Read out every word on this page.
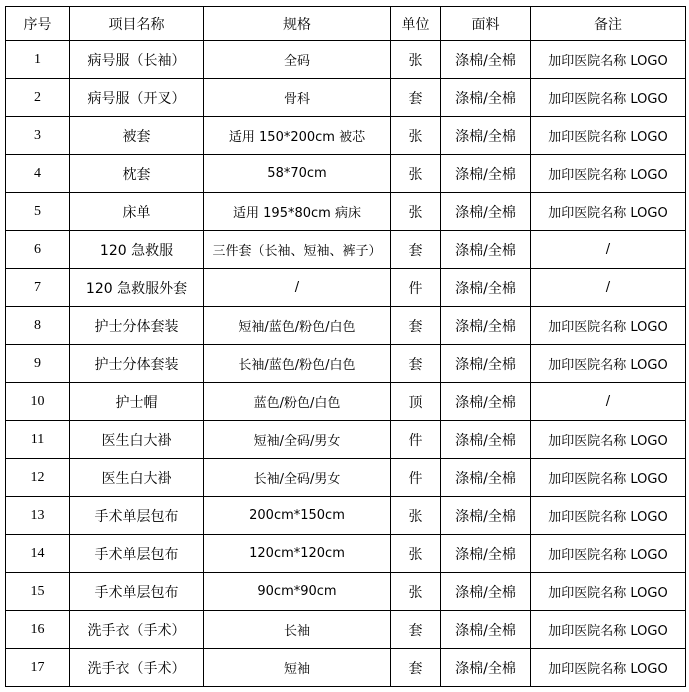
序号	项目名称	规格	单位	面料	备注
1	病号服（长袖）	全码	张	涤棉/全棉	加印医院名称 LOGO
2	病号服（开叉）	骨科	套	涤棉/全棉	加印医院名称 LOGO
3	被套	适用 150*200cm 被芯	张	涤棉/全棉	加印医院名称 LOGO
4	枕套	58*70cm	张	涤棉/全棉	加印医院名称 LOGO
5	床单	适用 195*80cm 病床	张	涤棉/全棉	加印医院名称 LOGO
6	120 急救服	三件套（长袖、短袖、裤子）	套	涤棉/全棉	/
7	120 急救服外套	/	件	涤棉/全棉	/
8	护士分体套装	短袖/蓝色/粉色/白色	套	涤棉/全棉	加印医院名称 LOGO
9	护士分体套装	长袖/蓝色/粉色/白色	套	涤棉/全棉	加印医院名称 LOGO
10	护士帽	蓝色/粉色/白色	顶	涤棉/全棉	/
11	医生白大褂	短袖/全码/男女	件	涤棉/全棉	加印医院名称 LOGO
12	医生白大褂	长袖/全码/男女	件	涤棉/全棉	加印医院名称 LOGO
13	手术单层包布	200cm*150cm	张	涤棉/全棉	加印医院名称 LOGO
14	手术单层包布	120cm*120cm	张	涤棉/全棉	加印医院名称 LOGO
15	手术单层包布	90cm*90cm	张	涤棉/全棉	加印医院名称 LOGO
16	洗手衣（手术）	长袖	套	涤棉/全棉	加印医院名称 LOGO
17	洗手衣（手术）	短袖	套	涤棉/全棉	加印医院名称 LOGO
